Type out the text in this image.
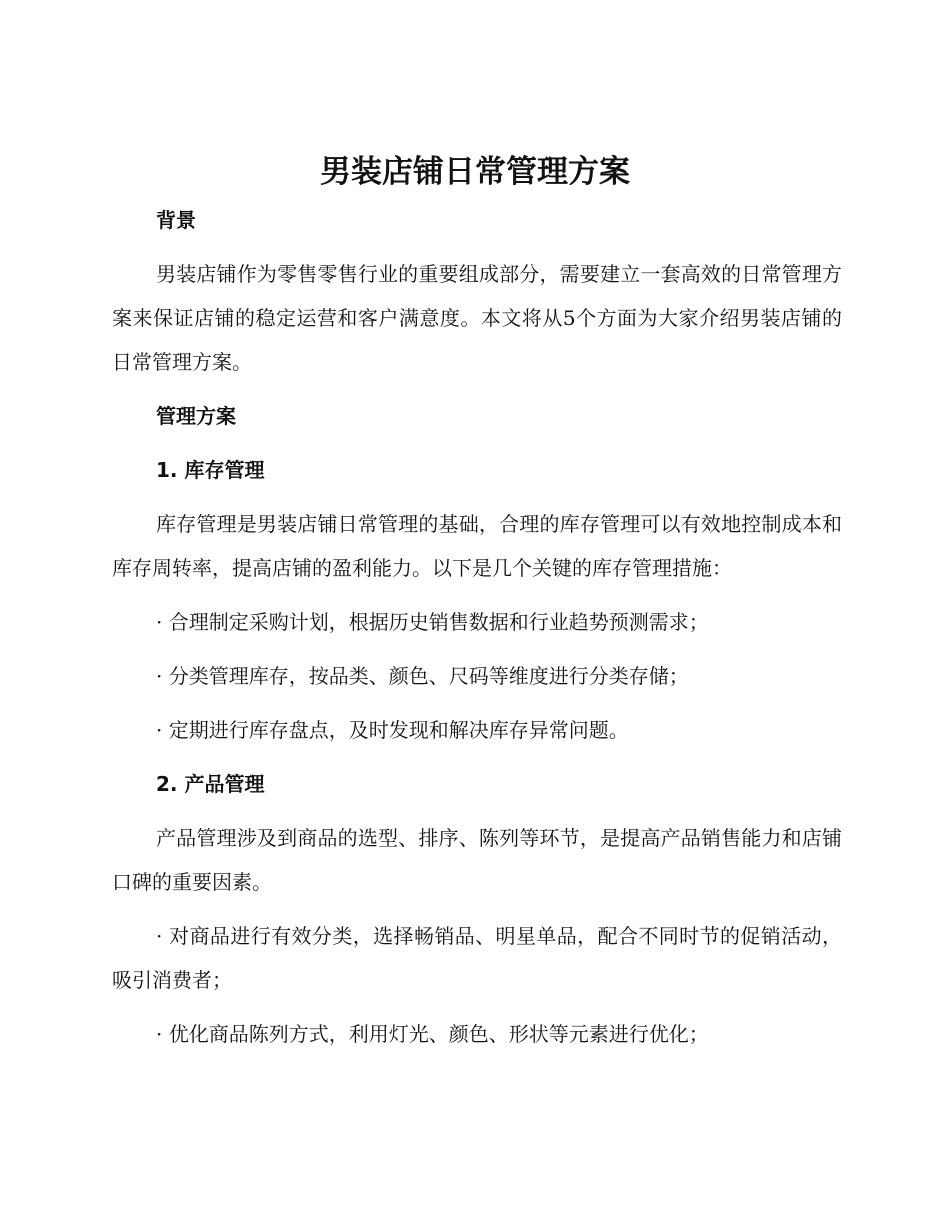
男装店铺日常管理方案

背景

男装店铺作为零售零售行业的重要组成部分，需要建立一套高效的日常管理方案来保证店铺的稳定运营和客户满意度。本文将从5个方面为大家介绍男装店铺的日常管理方案。

管理方案

1. 库存管理

库存管理是男装店铺日常管理的基础，合理的库存管理可以有效地控制成本和库存周转率，提高店铺的盈利能力。以下是几个关键的库存管理措施：

· 合理制定采购计划，根据历史销售数据和行业趋势预测需求；

· 分类管理库存，按品类、颜色、尺码等维度进行分类存储；

· 定期进行库存盘点，及时发现和解决库存异常问题。

2. 产品管理

产品管理涉及到商品的选型、排序、陈列等环节，是提高产品销售能力和店铺口碑的重要因素。

· 对商品进行有效分类，选择畅销品、明星单品，配合不同时节的促销活动，吸引消费者；

· 优化商品陈列方式，利用灯光、颜色、形状等元素进行优化；
